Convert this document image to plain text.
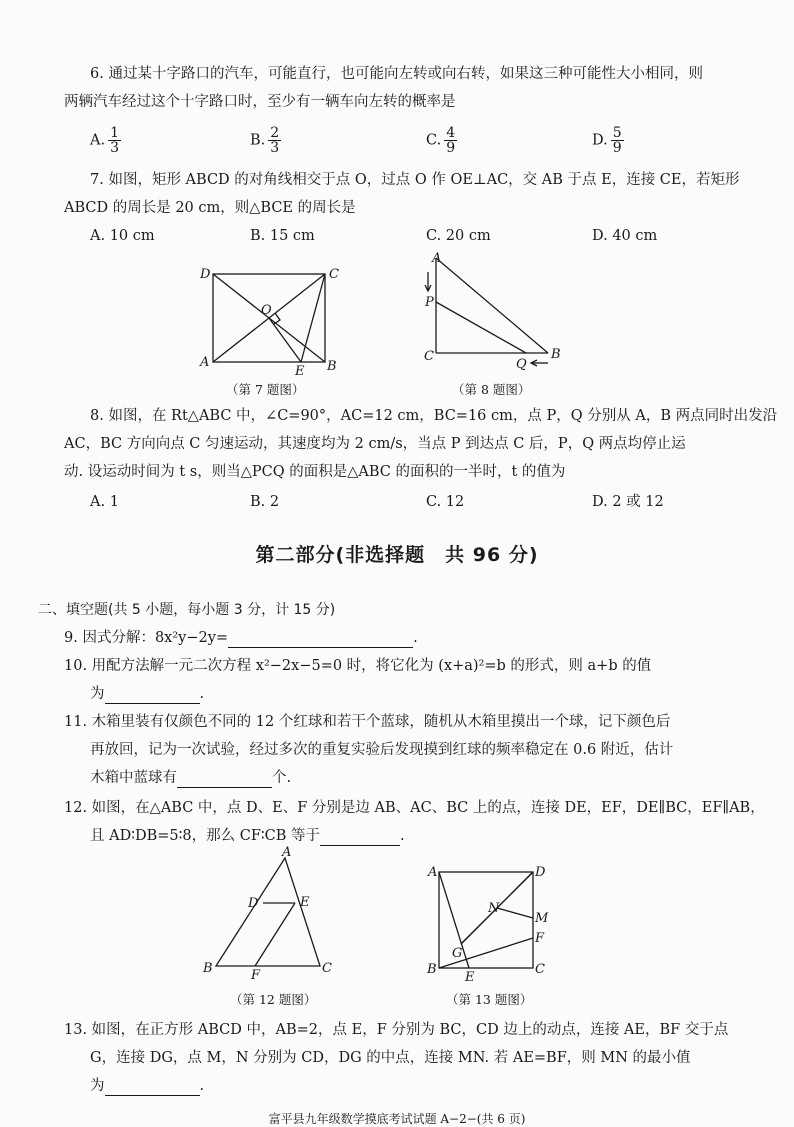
6. 通过某十字路口的汽车，可能直行，也可能向左转或向右转，如果这三种可能性大小相同，则
两辆汽车经过这个十字路口时，至少有一辆车向左转的概率是
A. $\frac{1}{3}$	B. $\frac{2}{3}$	C. $\frac{4}{9}$	D. $\frac{5}{9}$
7. 如图，矩形 ABCD 的对角线相交于点 O，过点 O 作 OE⊥AC，交 AB 于点 E，连接 CE，若矩形
ABCD 的周长是 20 cm，则△BCE 的周长是
A. 10 cm	B. 15 cm	C. 20 cm	D. 40 cm
D	C
A	B
O
E
（第 7 题图）
A
P
C
Q
B
（第 8 题图）
8. 如图，在 Rt△ABC 中，∠C=90°，AC=12 cm，BC=16 cm，点 P，Q 分别从 A，B 两点同时出发沿
AC，BC 方向向点 C 匀速运动，其速度均为 2 cm/s，当点 P 到达点 C 后，P，Q 两点均停止运
动. 设运动时间为 t s，则当△PCQ 的面积是△ABC 的面积的一半时，t 的值为
A. 1	B. 2	C. 12	D. 2 或 12
第二部分(非选择题　共 96 分)
二、填空题(共 5 小题，每小题 3 分，计 15 分)
9. 因式分解：8x²y−2y=	.
10. 用配方法解一元二次方程 x²−2x−5=0 时，将它化为 (x+a)²=b 的形式，则 a+b 的值
为	.
11. 木箱里装有仅颜色不同的 12 个红球和若干个蓝球，随机从木箱里摸出一个球，记下颜色后
再放回，记为一次试验，经过多次的重复实验后发现摸到红球的频率稳定在 0.6 附近，估计
木箱中蓝球有	个.
12. 如图，在△ABC 中，点 D、E、F 分别是边 AB、AC、BC 上的点，连接 DE，EF，DE∥BC，EF∥AB，
且 AD∶DB=5∶8，那么 CF∶CB 等于	.
A
D	E
B	F	C
（第 12 题图）
A	D
N
M
F
G
B
E
C
（第 13 题图）
13. 如图，在正方形 ABCD 中，AB=2，点 E，F 分别为 BC，CD 边上的动点，连接 AE，BF 交于点
G，连接 DG，点 M，N 分别为 CD，DG 的中点，连接 MN. 若 AE=BF，则 MN 的最小值
为	.
富平县九年级数学摸底考试试题 A−2−(共 6 页)
